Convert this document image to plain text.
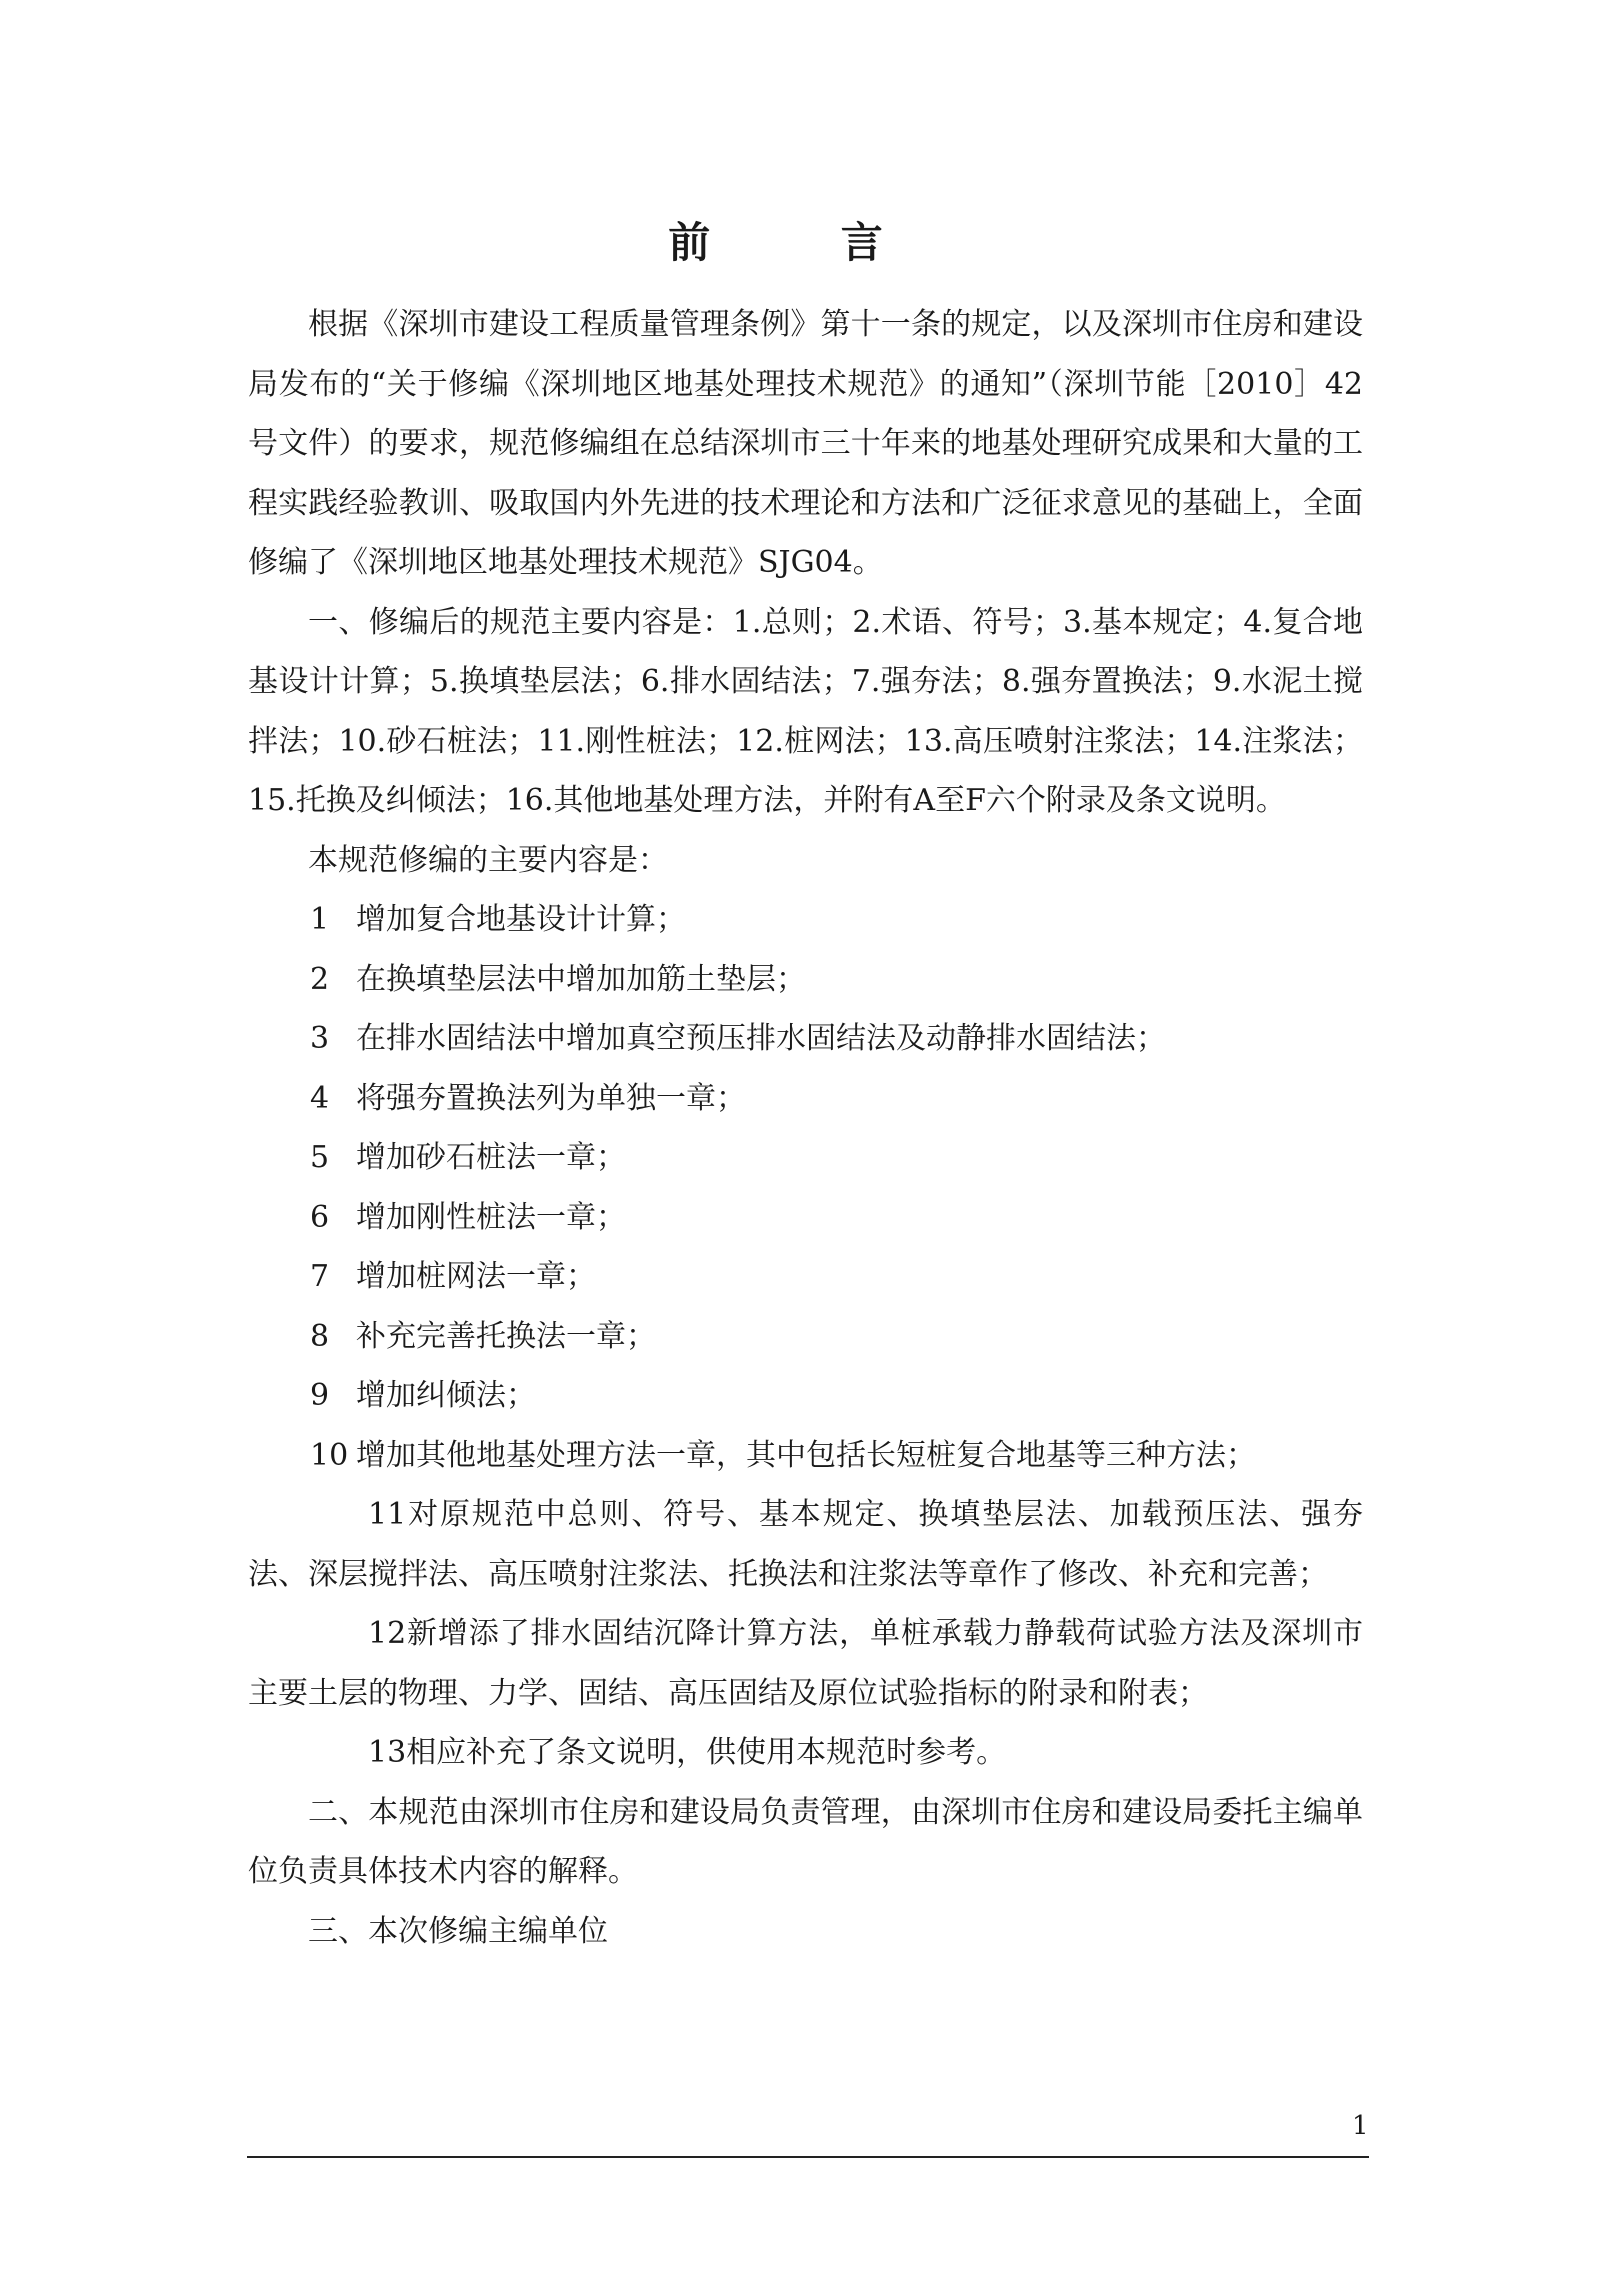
前 言

根据《深圳市建设工程质量管理条例》第十一条的规定，以及深圳市住房和建设局发布的“关于修编《深圳地区地基处理技术规范》的通知”（深圳节能［2010］42号文件）的要求，规范修编组在总结深圳市三十年来的地基处理研究成果和大量的工程实践经验教训、吸取国内外先进的技术理论和方法和广泛征求意见的基础上，全面修编了《深圳地区地基处理技术规范》SJG04。

一、修编后的规范主要内容是：1.总则；2.术语、符号；3.基本规定；4.复合地基设计计算；5.换填垫层法；6.排水固结法；7.强夯法；8.强夯置换法；9.水泥土搅拌法；10.砂石桩法；11.刚性桩法；12.桩网法；13.高压喷射注浆法；14.注浆法；15.托换及纠倾法；16.其他地基处理方法，并附有A至F六个附录及条文说明。

本规范修编的主要内容是：

1 增加复合地基设计计算；

2 在换填垫层法中增加加筋土垫层；

3 在排水固结法中增加真空预压排水固结法及动静排水固结法；

4 将强夯置换法列为单独一章；

5 增加砂石桩法一章；

6 增加刚性桩法一章；

7 增加桩网法一章；

8 补充完善托换法一章；

9 增加纠倾法；

10 增加其他地基处理方法一章，其中包括长短桩复合地基等三种方法；

11对原规范中总则、符号、基本规定、换填垫层法、加载预压法、强夯法、深层搅拌法、高压喷射注浆法、托换法和注浆法等章作了修改、补充和完善；

12新增添了排水固结沉降计算方法，单桩承载力静载荷试验方法及深圳市主要土层的物理、力学、固结、高压固结及原位试验指标的附录和附表；

13相应补充了条文说明，供使用本规范时参考。

二、本规范由深圳市住房和建设局负责管理，由深圳市住房和建设局委托主编单位负责具体技术内容的解释。

三、本次修编主编单位

1
